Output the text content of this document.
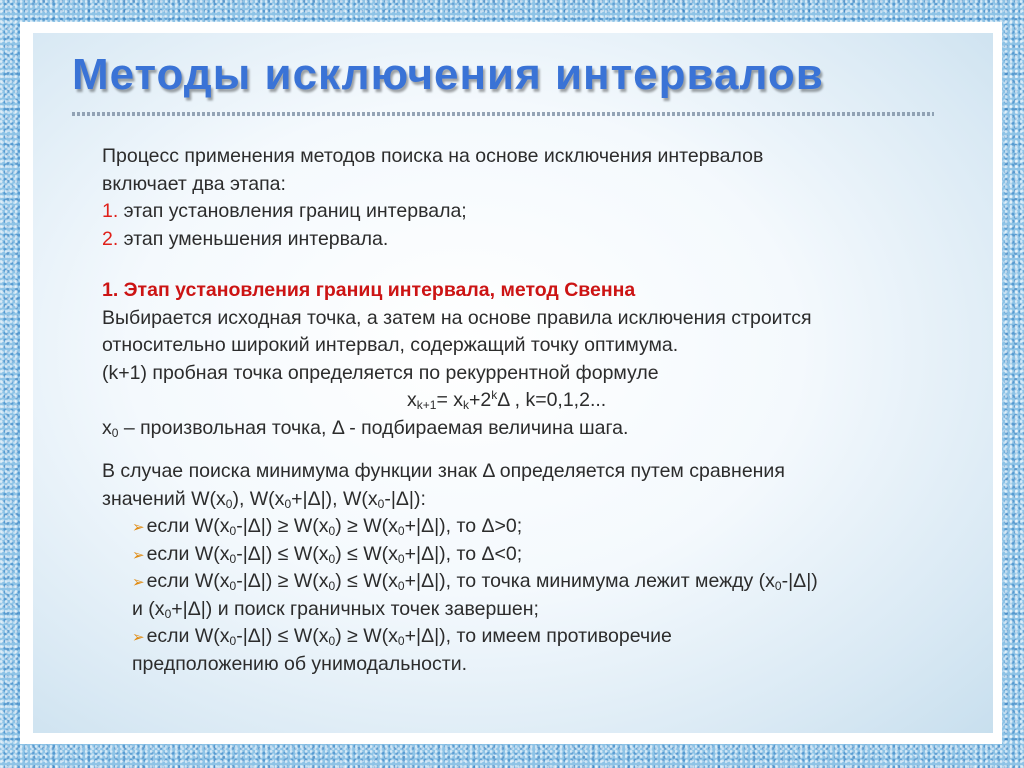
Методы исключения интервалов
Процесс применения методов поиска на основе исключения интервалов
включает два этапа:
1. этап установления границ интервала;
2. этап уменьшения интервала.
1. Этап установления границ интервала, метод Свенна
Выбирается исходная точка, а затем на основе правила исключения строится
относительно широкий интервал, содержащий точку оптимума.
(k+1) пробная точка определяется по рекуррентной формуле
$x_{k+1}= x_k+2^k\Delta$ , k=0,1,2...
$x_0$ – произвольная точка, Δ - подбираемая величина шага.
В случае поиска минимума функции знак Δ определяется путем сравнения
значений $W(x_0)$, $W(x_0+|\Delta|)$, $W(x_0-|\Delta|)$:
➢ если $W(x_0-|\Delta|) \ge W(x_0) \ge W(x_0+|\Delta|)$, то Δ>0;
➢ если $W(x_0-|\Delta|) \le W(x_0) \le W(x_0+|\Delta|)$, то Δ<0;
➢ если $W(x_0-|\Delta|) \ge W(x_0) \le W(x_0+|\Delta|)$, то точка минимума лежит между $(x_0-|\Delta|)$
и $(x_0+|\Delta|)$ и поиск граничных точек завершен;
➢ если $W(x_0-|\Delta|) \le W(x_0) \ge W(x_0+|\Delta|)$, то имеем противоречие
предположению об унимодальности.
